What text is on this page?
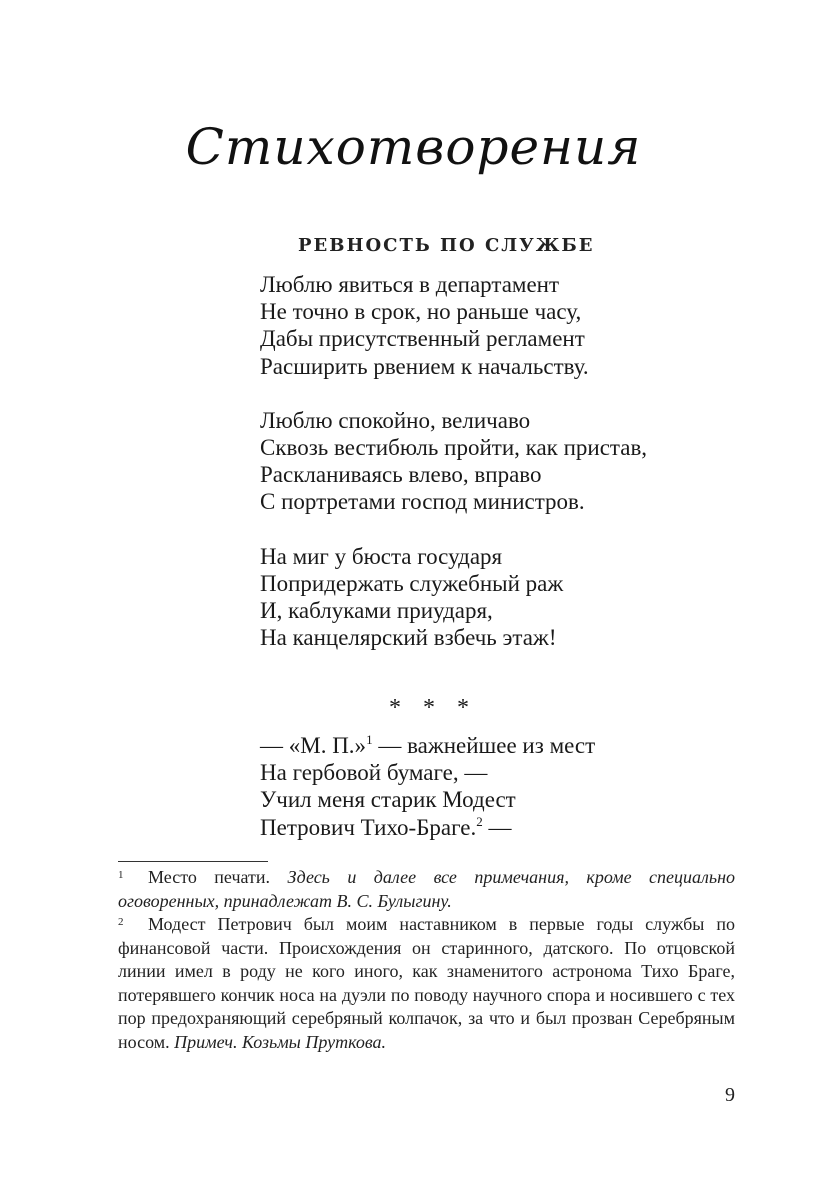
Стихотворения
РЕВНОСТЬ ПО СЛУЖБЕ
Люблю явиться в департамент
Не точно в срок, но раньше часу,
Дабы присутственный регламент
Расширить рвением к начальству.
Люблю спокойно, величаво
Сквозь вестибюль пройти, как пристав,
Раскланиваясь влево, вправо
С портретами господ министров.
На миг у бюста государя
Попридержать служебный раж
И, каблуками приударя,
На канцелярский взбечь этаж!
* * *
— «М. П.»$^1$ — важнейшее из мест
На гербовой бумаге, —
Учил меня старик Модест
Петрович Тихо-Браге.$^2$ —

1 Место печати. Здесь и далее все примечания, кроме специально оговоренных, принадлежат В. С. Булыгину.

2 Модест Петрович был моим наставником в первые годы службы по финансовой части. Происхождения он старинного, датского. По отцовской линии имел в роду не кого иного, как знаменитого астронома Тихо Браге, потерявшего кончик носа на дуэли по поводу научного спора и носившего с тех пор предохраняющий серебряный колпачок, за что и был прозван Серебряным носом. Примеч. Козьмы Пруткова.

9
